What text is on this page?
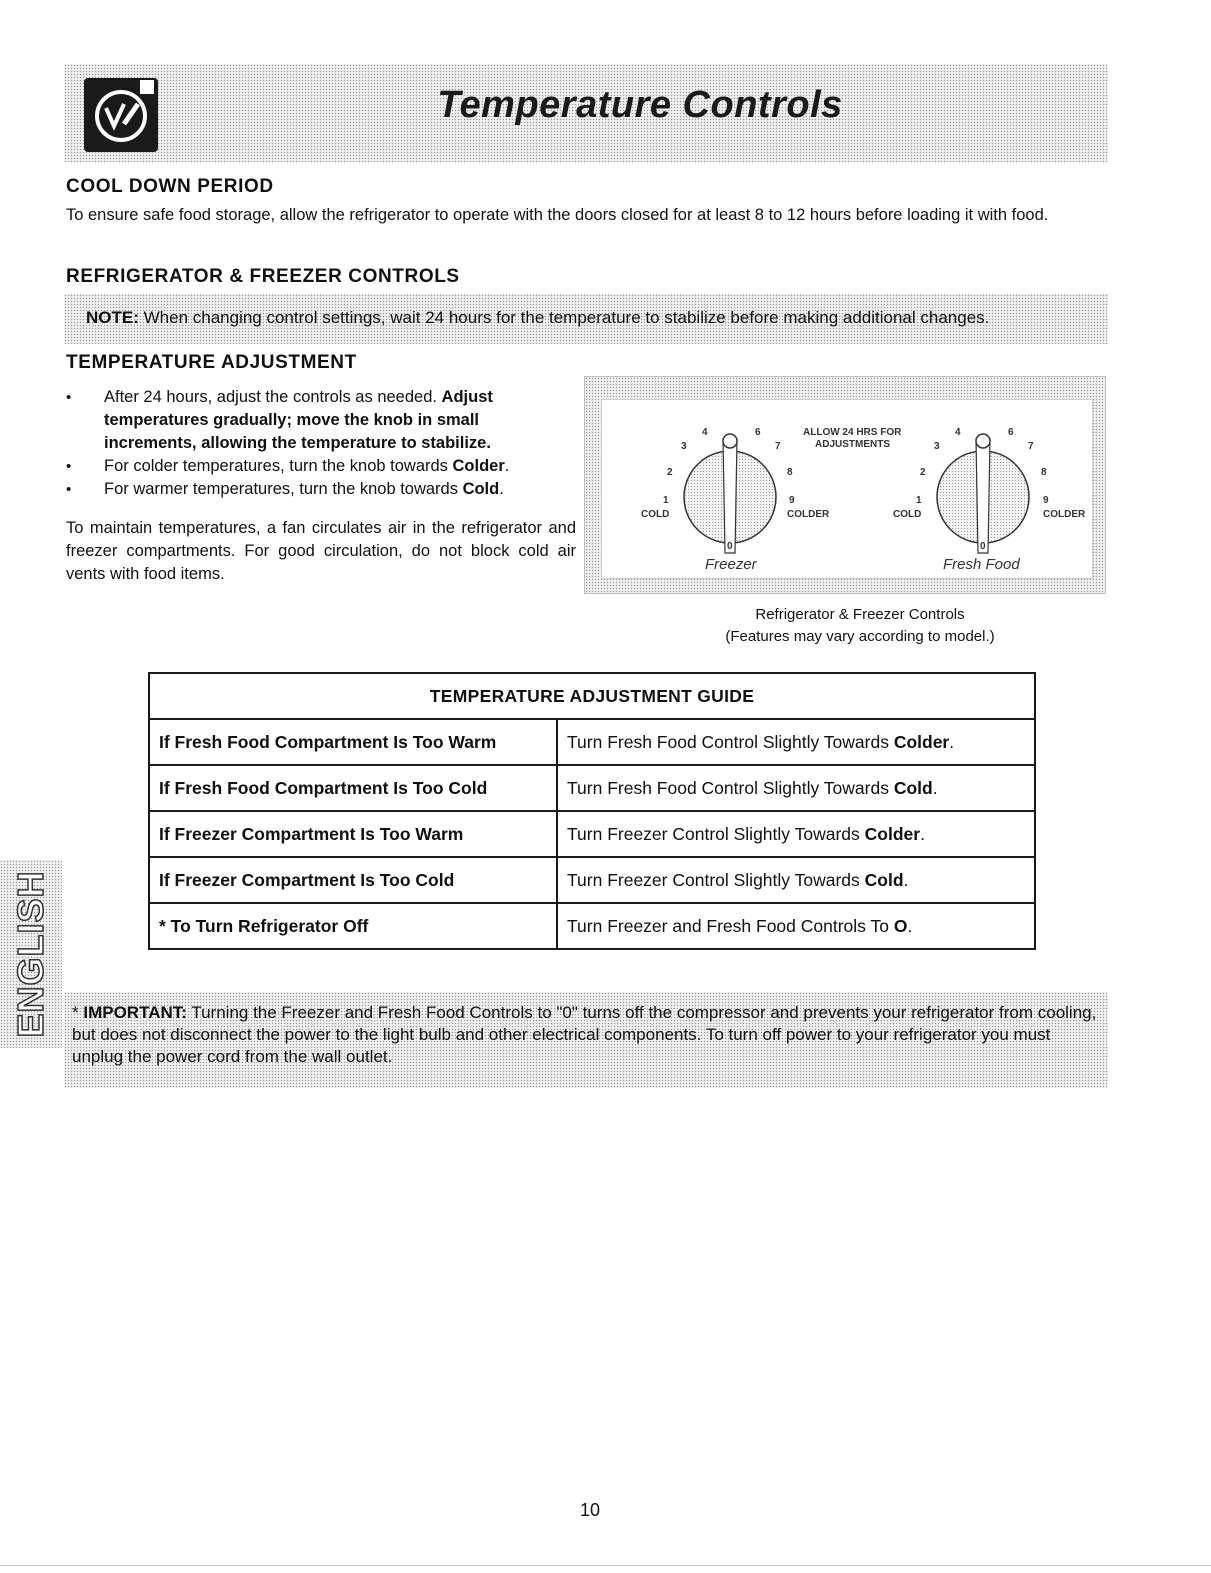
Temperature Controls
COOL DOWN PERIOD

To ensure safe food storage, allow the refrigerator to operate with the doors closed for at least 8 to 12 hours before loading it with food.

REFRIGERATOR & FREEZER CONTROLS
NOTE: When changing control settings, wait 24 hours for the temperature to stabilize before making additional changes.
TEMPERATURE ADJUSTMENT
• After 24 hours, adjust the controls as needed. Adjust temperatures gradually; move the knob in small increments, allowing the temperature to stabilize.
• For colder temperatures, turn the knob towards Colder.
• For warmer temperatures, turn the knob towards Cold.

To maintain temperatures, a fan circulates air in the refrigerator and freezer compartments. For good circulation, do not block cold air vents with food items.

4	6
3	7
2	8
1	9
0
COLD	COLDER
4	6
3	7
2	8
1	9
0
COLD	COLDER
ALLOW 24 HRS FOR
ADJUSTMENTS
Freezer	Fresh Food
Refrigerator & Freezer Controls
(Features may vary according to model.)
TEMPERATURE ADJUSTMENT GUIDE	
If Fresh Food Compartment Is Too Warm	Turn Fresh Food Control Slightly Towards Colder.
If Fresh Food Compartment Is Too Cold	Turn Fresh Food Control Slightly Towards Cold.
If Freezer Compartment Is Too Warm	Turn Freezer Control Slightly Towards Colder.
If Freezer Compartment Is Too Cold	Turn Freezer Control Slightly Towards Cold.
* To Turn Refrigerator Off	Turn Freezer and Fresh Food Controls To O.
ENGLISH * IMPORTANT: Turning the Freezer and Fresh Food Controls to "0" turns off the compressor and prevents your refrigerator from cooling, but does not disconnect the power to the light bulb and other electrical components. To turn off power to your refrigerator you must unplug the power cord from the wall outlet.

10
